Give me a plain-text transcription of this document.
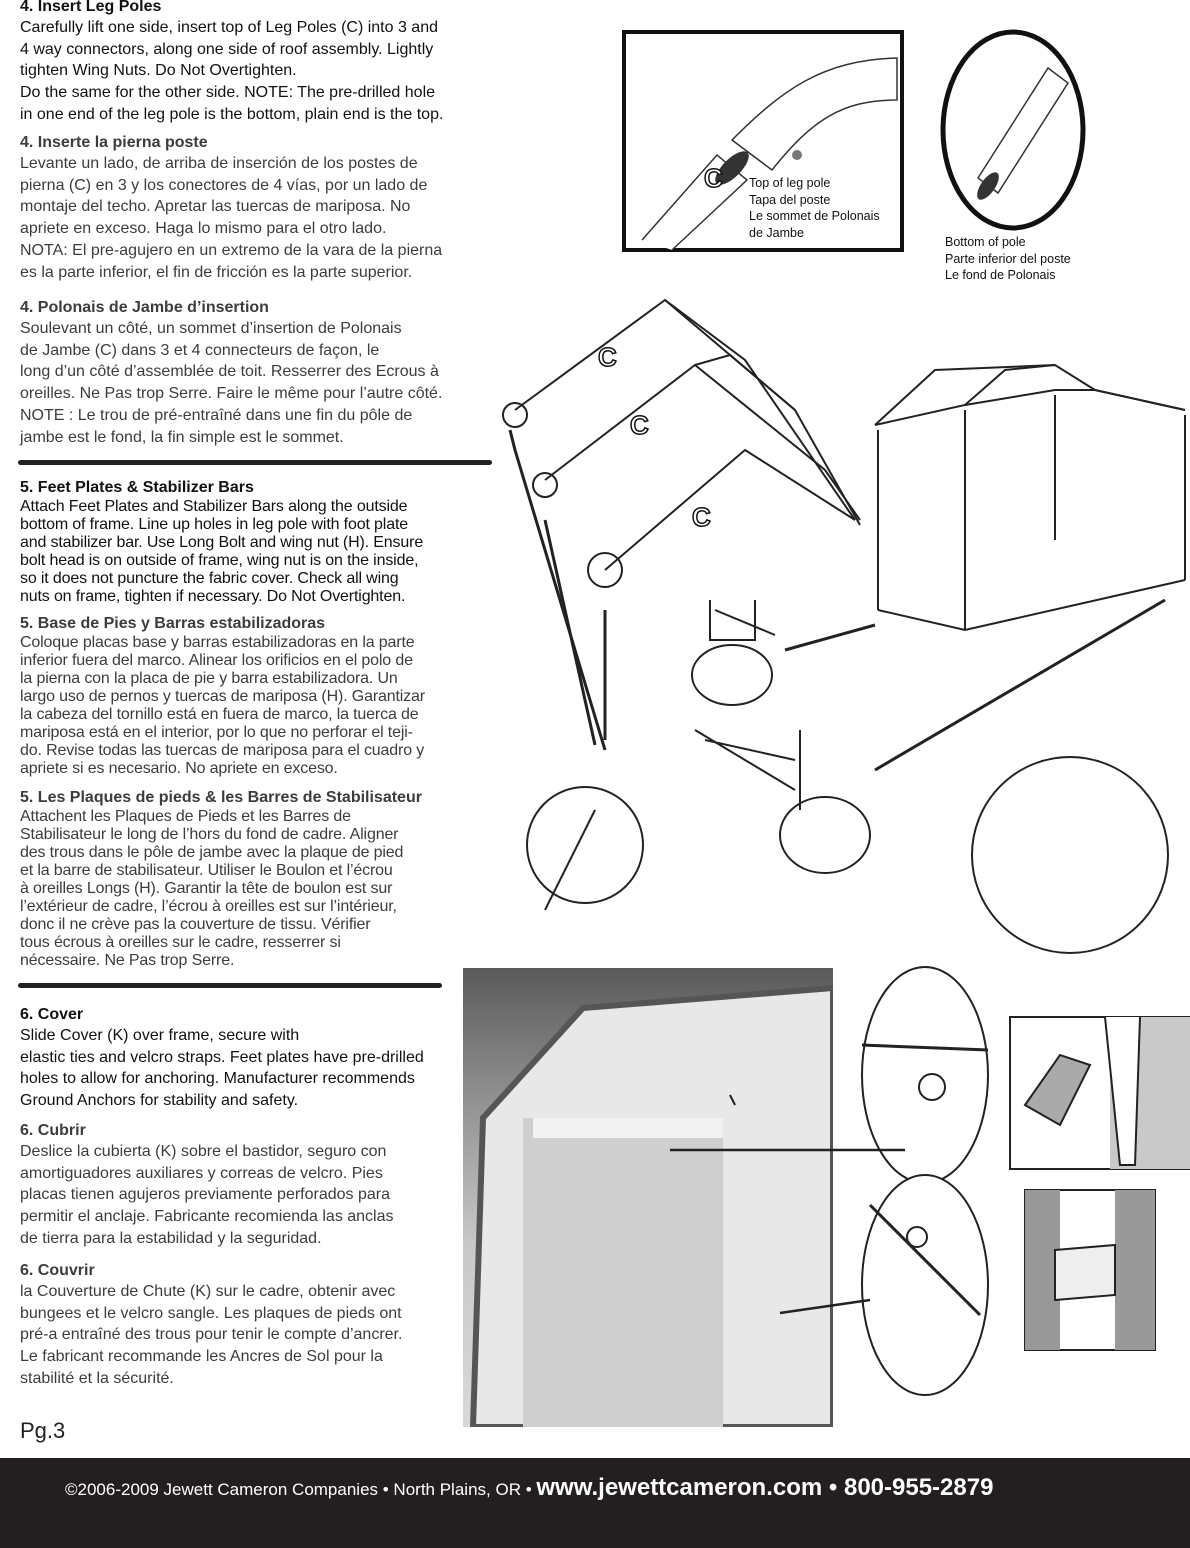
4. Insert Leg Poles
Carefully lift one side, insert top of Leg Poles (C) into 3 and
4 way connectors, along one side of roof assembly. Lightly
tighten Wing Nuts. Do Not Overtighten.
Do the same for the other side. NOTE: The pre-drilled hole
in one end of the leg pole is the bottom, plain end is the top.
4. Inserte la pierna poste
Levante un lado, de arriba de inserción de los postes de
pierna (C) en 3 y los conectores de 4 vías, por un lado de
montaje del techo. Apretar las tuercas de mariposa. No
apriete en exceso. Haga lo mismo para el otro lado.
NOTA: El pre-agujero en un extremo de la vara de la pierna
es la parte inferior, el fin de fricción es la parte superior.
4. Polonais de Jambe d’insertion
Soulevant un côté, un sommet d’insertion de Polonais
de Jambe (C) dans 3 et 4 connecteurs de façon, le
long d’un côté d’assemblée de toit. Resserrer des Ecrous à
oreilles. Ne Pas trop Serre. Faire le même pour l’autre côté.
NOTE : Le trou de pré-entraîné dans une fin du pôle de
jambe est le fond, la fin simple est le sommet.
5. Feet Plates & Stabilizer Bars
Attach Feet Plates and Stabilizer Bars along the outside
bottom of frame. Line up holes in leg pole with foot plate
and stabilizer bar. Use Long Bolt and wing nut (H). Ensure
bolt head is on outside of frame, wing nut is on the inside,
so it does not puncture the fabric cover. Check all wing
nuts on frame, tighten if necessary. Do Not Overtighten.
5. Base de Pies y Barras estabilizadoras
Coloque placas base y barras estabilizadoras en la parte
inferior fuera del marco. Alinear los orificios en el polo de
la pierna con la placa de pie y barra estabilizadora. Un
largo uso de pernos y tuercas de mariposa (H). Garantizar
la cabeza del tornillo está en fuera de marco, la tuerca de
mariposa está en el interior, por lo que no perforar el teji-
do. Revise todas las tuercas de mariposa para el cuadro y
apriete si es necesario. No apriete en exceso.
5. Les Plaques de pieds & les Barres de Stabilisateur
Attachent les Plaques de Pieds et les Barres de
Stabilisateur le long de l’hors du fond de cadre. Aligner
des trous dans le pôle de jambe avec la plaque de pied
et la barre de stabilisateur. Utiliser le Boulon et l’écrou
à oreilles Longs (H). Garantir la tête de boulon est sur
l’extérieur de cadre, l’écrou à oreilles est sur l’intérieur,
donc il ne crève pas la couverture de tissu. Vérifier
tous écrous à oreilles sur le cadre, resserrer si
nécessaire. Ne Pas trop Serre.
6. Cover
Slide Cover (K) over frame, secure with
elastic ties and velcro straps. Feet plates have pre-drilled
holes to allow for anchoring. Manufacturer recommends
Ground Anchors for stability and safety.
6. Cubrir
Deslice la cubierta (K) sobre el bastidor, seguro con
amortiguadores auxiliares y correas de velcro. Pies
placas tienen agujeros previamente perforados para
permitir el anclaje. Fabricante recomienda las anclas
de tierra para la estabilidad y la seguridad.
6. Couvrir
la Couverture de Chute (K) sur le cadre, obtenir avec
bungees et le velcro sangle. Les plaques de pieds ont
pré-a entraîné des trous pour tenir le compte d’ancrer.
Le fabricant recommande les Ancres de Sol pour la
stabilité et la sécurité.
C Top of leg pole
Tapa del poste
Le sommet de Polonais
de Jambe
Bottom of pole
Parte inferior del poste
Le fond de Polonais
C
C
C
Pg.3
©2006-2009 Jewett Cameron Companies • North Plains, OR • www.jewettcameron.com • 800-955-2879
